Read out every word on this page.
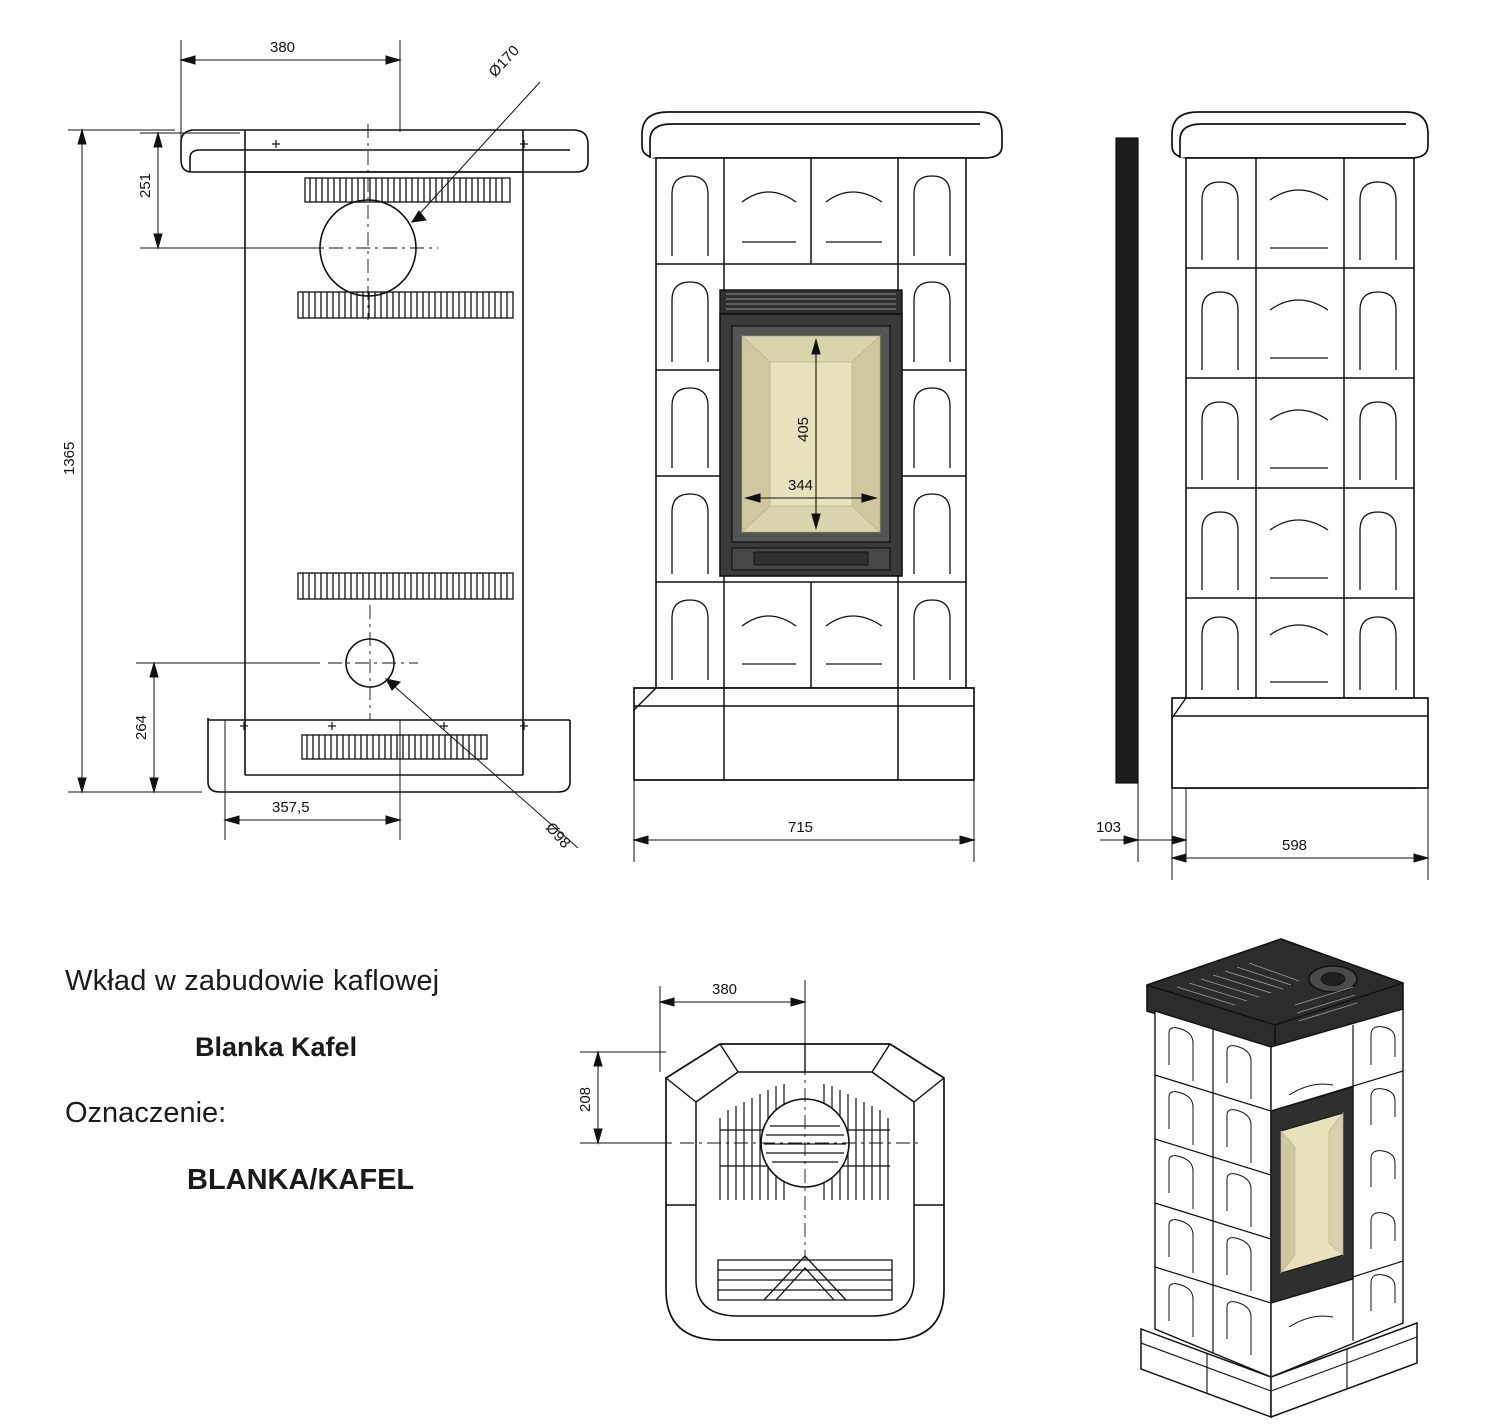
380	Ø170
251
1365
264
357,5
Ø98
405
344
715	103
598
Wkład w zabudowie kaflowej
Blanka Kafel
Oznaczenie:
BLANKA/KAFEL
380
208
